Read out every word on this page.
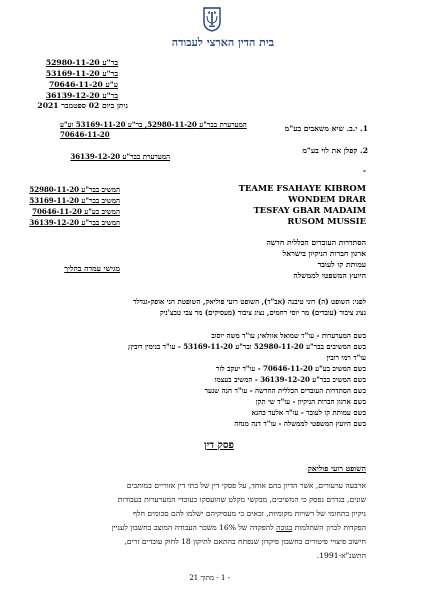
בית הדין הארצי לעבודה
בר"ע 52980-11-20
בר"ע 53169-11-20
ע"ע 70646-11-20
בר"ע 36139-12-20
ניתן ביום 02 ספטמבר 2021
1. י.ב. שיא משאבים בע"מ
המערערת בבר"ע 52980-11-20, בר"ע 53169-11-20 וע"ע 70646-11-20
2. קפלן את לוי בע"מ
המערערת בבר"ע 36139-12-20
-
TEAME FSAHAYE KIBROM
המשיב בבר"ע 52980-11-20
WONDEM DRAR
המשיב בבר"ע 53169-11-20
TESFAY GBAR MADAIM
המשיב בע"ע 70646-11-20
RUSOM MUSSIE
המשיב בבר"ע 36139-12-20
הסתדרות העובדים הכללית חדשה
ארגון חברות הניקיון בישראל
עמותת קו לעובד
היועץ המשפטי לממשלה
מגישי עמדה בהליך
לפני: השופט (ה) רוני טיבנה (אב"ד), השופט רועי פוליאק, השופטת חני אופק-גנדלר
נציג ציבור (עובדים) מר יוסי רחמים, נציג ציבור (מעסיקים) מר צבי טבצ'ניק
בשם המערערות - עו"ד שמואל אזולאי; עו"ד משה יוסוב
בשם המשיבים בבר"ע 52980-11-20 ובר"ע 53169-11-20 - עו"ד בנימין רובין;
עו"ד רמי רובין
בשם המשיב בע"ע 70646-11-20 - עו"ד יעקב לזר
בשם המשיב בבר"ע 36139-12-20 - המשיב בעצמו
בשם הסתדרות העובדים הכללית החדשה - עו"ד חנה שנער
בשם ארגון חברות הניקיון - עו"ד שי תקן
בשם עמותת קו לעובד - עו"ד אלעד כהנא
בשם היועץ המשפטי לממשלה - עו"ד דנה מנחה
פסק דין
השופט רועי פוליאק
ארבעה ערעורים, אשר הדיון בהם אוחד, על פסקי דין של בתי דין אזוריים במותבים
שונים, בגדרם נפסק כי המשיבים, מבקשי מקלט שהועסקו כעובדי המערערות בעבודות
ניקיון בתחומי של רשויות מקומיות, זכאים כי מעסיקיהם ישלמו להם סכומים חלף
הפקדות לכרון השתלמות בגובה להפקדה של 16% משכר העבודה המוצב בחשבון לעניין
חישוב פיצויי פיטורים בחשבון פיקדון שנפתח בהתאם לתיקון 18 לחוק עובדים זרים,
התשנ"א-1991.
- 1 - מתוך 21
